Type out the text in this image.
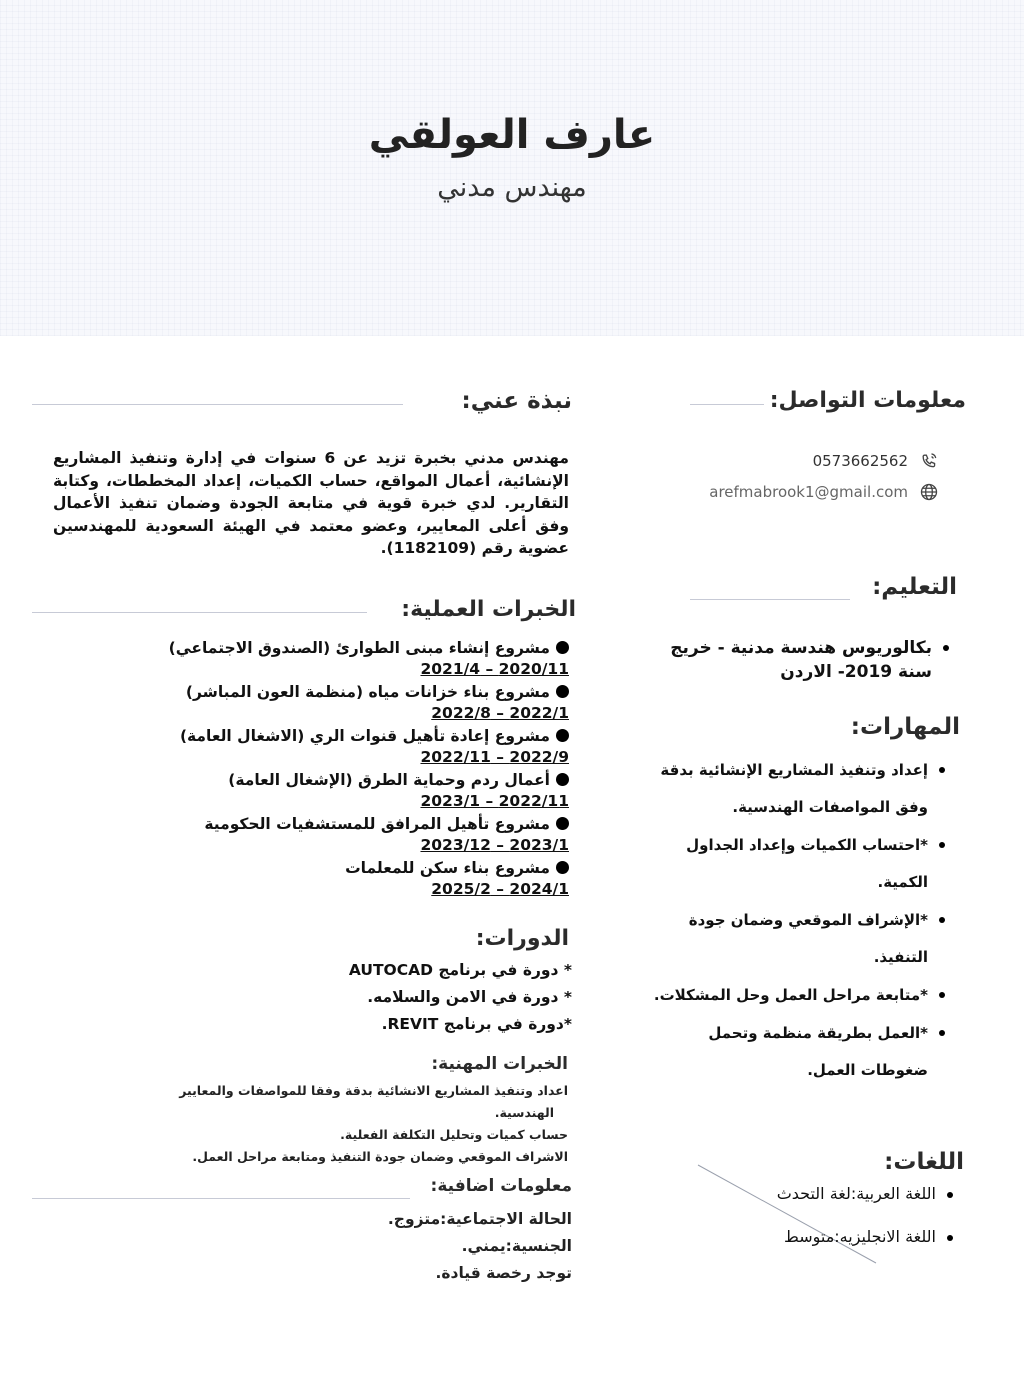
عارف العولقي
مهندس مدني
نبذة عني:
مهندس مدني بخبرة تزيد عن 6 سنوات في إدارة وتنفيذ المشاريع الإنشائية، أعمال المواقع، حساب الكميات، إعداد المخططات، وكتابة التقارير. لدي خبرة قوية في متابعة الجودة وضمان تنفيذ الأعمال وفق أعلى المعايير، وعضو معتمد في الهيئة السعودية للمهندسين عضوية رقم (1182109).
الخبرات العملية:
مشروع إنشاء مبنى الطوارئ (الصندوق الاجتماعي)
2020/11 – 2021/4
مشروع بناء خزانات مياه (منظمة العون المباشر)
2022/1 – 2022/8
مشروع إعادة تأهيل قنوات الري (الاشغال العامة)
2022/9 – 2022/11
أعمال ردم وحماية الطرق (الإشغال العامة)
2022/11 – 2023/1
مشروع تأهيل المرافق للمستشفيات الحكومية
2023/1 – 2023/12
مشروع بناء سكن للمعلمات
2024/1 – 2025/2
الدورات:
* دورة في برنامج AUTOCAD
* دورة في الامن والسلامه.
*دورة في برنامج REVIT.
الخبرات المهنية:
اعداد وتنفيذ المشاريع الانشائية بدقة وفقا للمواصفات والمعايير
الهندسية.
حساب كميات وتحليل التكلفة الفعلية.
الاشراف الموقعي وضمان جودة التنفيذ ومتابعة مراحل العمل.
معلومات اضافية:
الحالة الاجتماعية:متزوج.
الجنسية:يمني.
توجد رخصة قيادة.
معلومات التواصل:
0573662562
arefmabrook1@gmail.com
التعليم:
بكالوريوس هندسة مدنية - خريج سنة 2019- الاردن
المهارات:
إعداد وتنفيذ المشاريع الإنشائية بدقة وفق المواصفات الهندسية.
*احتساب الكميات وإعداد الجداول الكمية.
*الإشراف الموقعي وضمان جودة التنفيذ.
*متابعة مراحل العمل وحل المشكلات.
*العمل بطريقة منظمة وتحمل ضغوطات العمل.
اللغات:
اللغة العربية:لغة التحدث
اللغة الانجليزيه:متوسط
